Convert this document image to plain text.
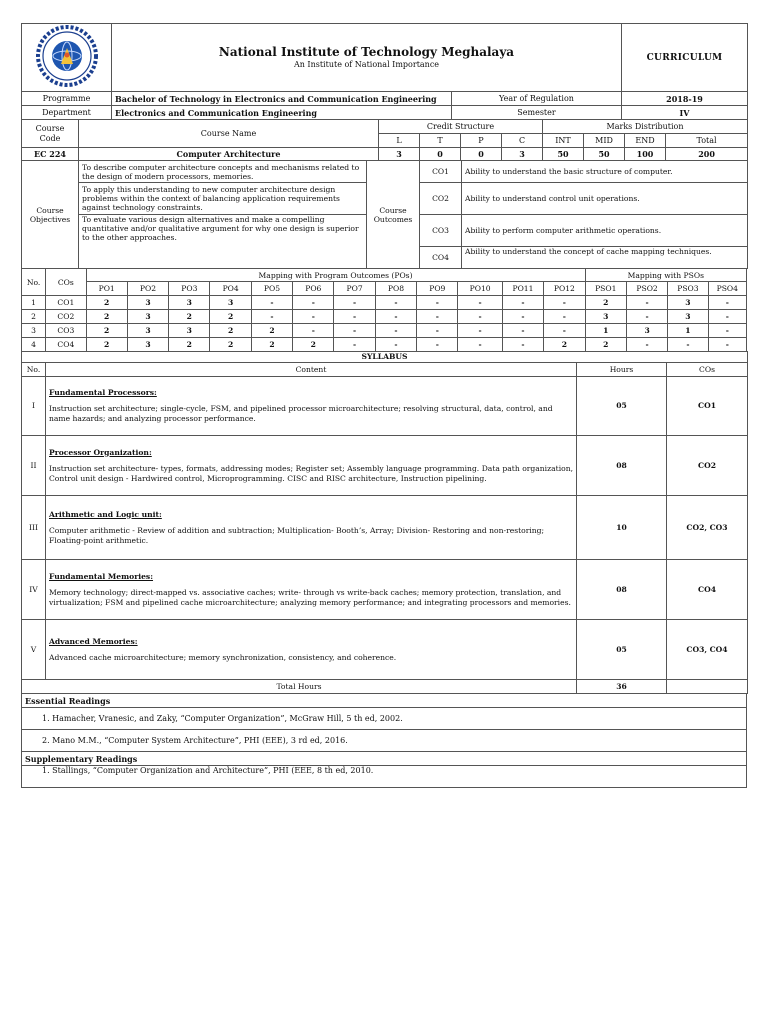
National Institute of Technology Meghalaya
An Institute of National Importance
	CURRICULUM
Programme	Bachelor of Technology in Electronics and Communication Engineering	Year of Regulation	2018-19
Department	Electronics and Communication Engineering	Semester	IV
Course Code	Course Name	Credit Structure				Marks Distribution			
		L	T	P	C	INT	MID	END	Total
EC 224	Computer Architecture	3	0	0	3	50	50	100	200
Course Objectives	To describe computer architecture concepts and mechanisms related to the design of modern processors, memories.	Course Outcomes	CO1	Ability to understand the basic structure of computer.
	To apply this understanding to new computer architecture design problems within the context of balancing application requirements against technology constraints.		CO2	Ability to understand control unit operations.
	To evaluate various design alternatives and make a compelling quantitative and/or qualitative argument for why one design is superior to the other approaches.		CO3	Ability to perform computer arithmetic operations.
			CO4	Ability to understand the concept of cache mapping techniques.
No.	COs	Mapping with Program Outcomes (POs)												Mapping with PSOs			
		PO1	PO2	PO3	PO4	PO5	PO6	PO7	PO8	PO9	PO10	PO11	PO12	PSO1	PSO2	PSO3	PSO4
1	CO1	2	3	3	3	-	-	-	-	-	-	-	-	2	-	3	-
2	CO2	2	3	2	2	-	-	-	-	-	-	-	-	3	-	3	-
3	CO3	2	3	3	2	2	-	-	-	-	-	-	-	1	3	1	-
4	CO4	2	3	2	2	2	2	-	-	-	-	-	2	2	-	-	-
SYLLABUS			
No.	Content	Hours	COs
I	Fundamental Processors:
Instruction set architecture; single-cycle, FSM, and pipelined processor microarchitecture; resolving structural, data, control, and name hazards; and analyzing processor performance.	05	CO1
II	Processor Organization:
Instruction set architecture- types, formats, addressing modes; Register set; Assembly language programming. Data path organization, Control unit design - Hardwired control, Microprogramming. CISC and RISC architecture, Instruction pipelining.	08	CO2
III	Arithmetic and Logic unit:
Computer arithmetic - Review of addition and subtraction; Multiplication- Booth’s, Array; Division- Restoring and non-restoring; Floating-point arithmetic.	10	CO2, CO3
IV	Fundamental Memories:
Memory technology; direct-mapped vs. associative caches; write- through vs write-back caches; memory protection, translation, and virtualization; FSM and pipelined cache microarchitecture; analyzing memory performance; and integrating processors and memories.	08	CO4
V	Advanced Memories:
Advanced cache microarchitecture; memory synchronization, consistency, and coherence.	05	CO3, CO4
Total Hours		36	
Essential Readings
1. Hamacher, Vranesic, and Zaky, “Computer Organization”, McGraw Hill, 5 th ed, 2002.
2. Mano M.M., “Computer System Architecture”, PHI (EEE), 3 rd ed, 2016.
Supplementary Readings
1. Stallings, “Computer Organization and Architecture”, PHI (EEE, 8 th ed, 2010.
